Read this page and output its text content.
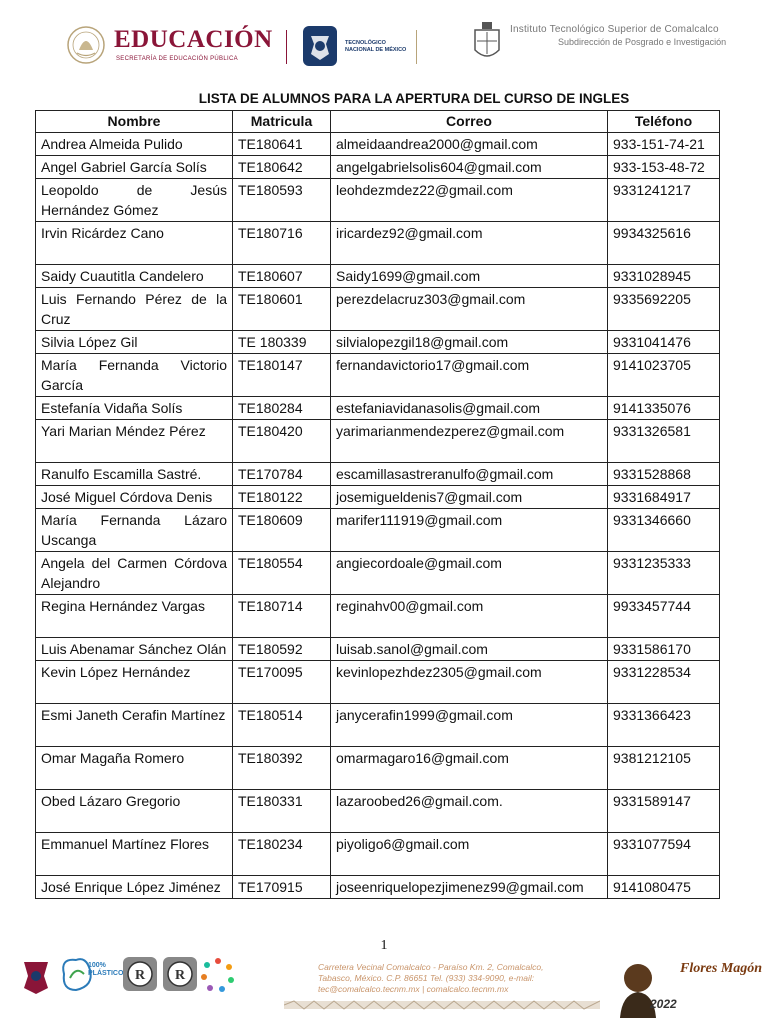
EDUCACIÓN
SECRETARÍA DE EDUCACIÓN PÚBLICA
TECNOLÓGICO
NACIONAL DE MÉXICO
Instituto Tecnológico Superior de Comalcalco
Subdirección de Posgrado e Investigación
LISTA DE ALUMNOS PARA LA APERTURA DEL CURSO DE INGLES
Nombre	Matricula	Correo	Teléfono
Andrea Almeida Pulido	TE180641	almeidaandrea2000@gmail.com	933-151-74-21
Angel Gabriel García Solís	TE180642	angelgabrielsolis604@gmail.com	933-153-48-72
Leopoldo de Jesús Hernández Gómez	TE180593	leohdezmdez22@gmail.com	9331241217
Irvin Ricárdez Cano	TE180716	iricardez92@gmail.com	9934325616
Saidy Cuautitla Candelero	TE180607	Saidy1699@gmail.com	9331028945
Luis Fernando Pérez de la Cruz	TE180601	perezdelacruz303@gmail.com	9335692205
Silvia López Gil	TE 180339	silvialopezgil18@gmail.com	9331041476
María Fernanda Victorio García	TE180147	fernandavictorio17@gmail.com	9141023705
Estefanía Vidaña Solís	TE180284	estefaniavidanasolis@gmail.com	9141335076
Yari Marian Méndez Pérez	TE180420	yarimarianmendezperez@gmail.com	9331326581
Ranulfo Escamilla Sastré.	TE170784	escamillasastreranulfo@gmail.com	9331528868
José Miguel Córdova Denis	TE180122	josemigueldenis7@gmail.com	9331684917
María Fernanda Lázaro Uscanga	TE180609	marifer111919@gmail.com	9331346660
Angela del Carmen Córdova Alejandro	TE180554	angiecordoale@gmail.com	9331235333
Regina Hernández Vargas	TE180714	reginahv00@gmail.com	9933457744
Luis Abenamar Sánchez Olán	TE180592	luisab.sanol@gmail.com	9331586170
Kevin López Hernández	TE170095	kevinlopezhdez2305@gmail.com	9331228534
Esmi Janeth Cerafin Martínez	TE180514	janycerafin1999@gmail.com	9331366423
Omar Magaña Romero	TE180392	omarmagaro16@gmail.com	9381212105
Obed Lázaro Gregorio	TE180331	lazaroobed26@gmail.com.	9331589147
Emmanuel Martínez Flores	TE180234	piyoligo6@gmail.com	9331077594
José Enrique López Jiménez	TE170915	joseenriquelopezjimenez99@gmail.com	9141080475
1
100% PLÁSTICO R R
Carretera Vecinal Comalcalco - Paraíso Km. 2, Comalcalco,
Tabasco, México. C.P. 86651 Tel. (933) 334-9090, e-mail:
tec@comalcalco.tecnm.mx | comalcalco.tecnm.mx
Flores Magón
2022
